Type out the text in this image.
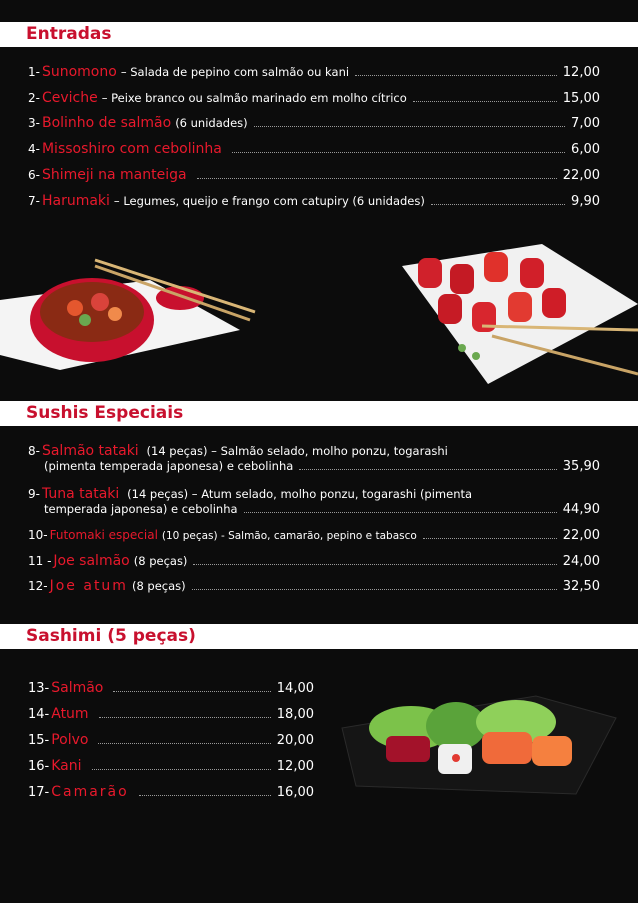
Entradas
1- Sunomono – Salada de pepino com salmão ou kani	12,00
2- Ceviche – Peixe branco ou salmão marinado em molho cítrico	15,00
3- Bolinho de salmão (6 unidades)	7,00
4- Missoshiro com cebolinha	6,00
6- Shimeji na manteiga	22,00
7- Harumaki – Legumes, queijo e frango com catupiry (6 unidades)	9,90
Sushis Especiais
8- Salmão tataki (14 peças) – Salmão selado, molho ponzu, togarashi
(pimenta temperada japonesa) e cebolinha	35,90
9- Tuna tataki (14 peças) – Atum selado, molho ponzu, togarashi (pimenta
temperada japonesa) e cebolinha	44,90
10- Futomaki especial (10 peças) - Salmão, camarão, pepino e tabasco	22,00
11 - Joe salmão (8 peças)	24,00
12- Joe atum (8 peças)	32,50
Sashimi (5 peças)
13- Salmão	14,00
14- Atum	18,00
15- Polvo	20,00
16- Kani	12,00
17- Camarão	16,00
